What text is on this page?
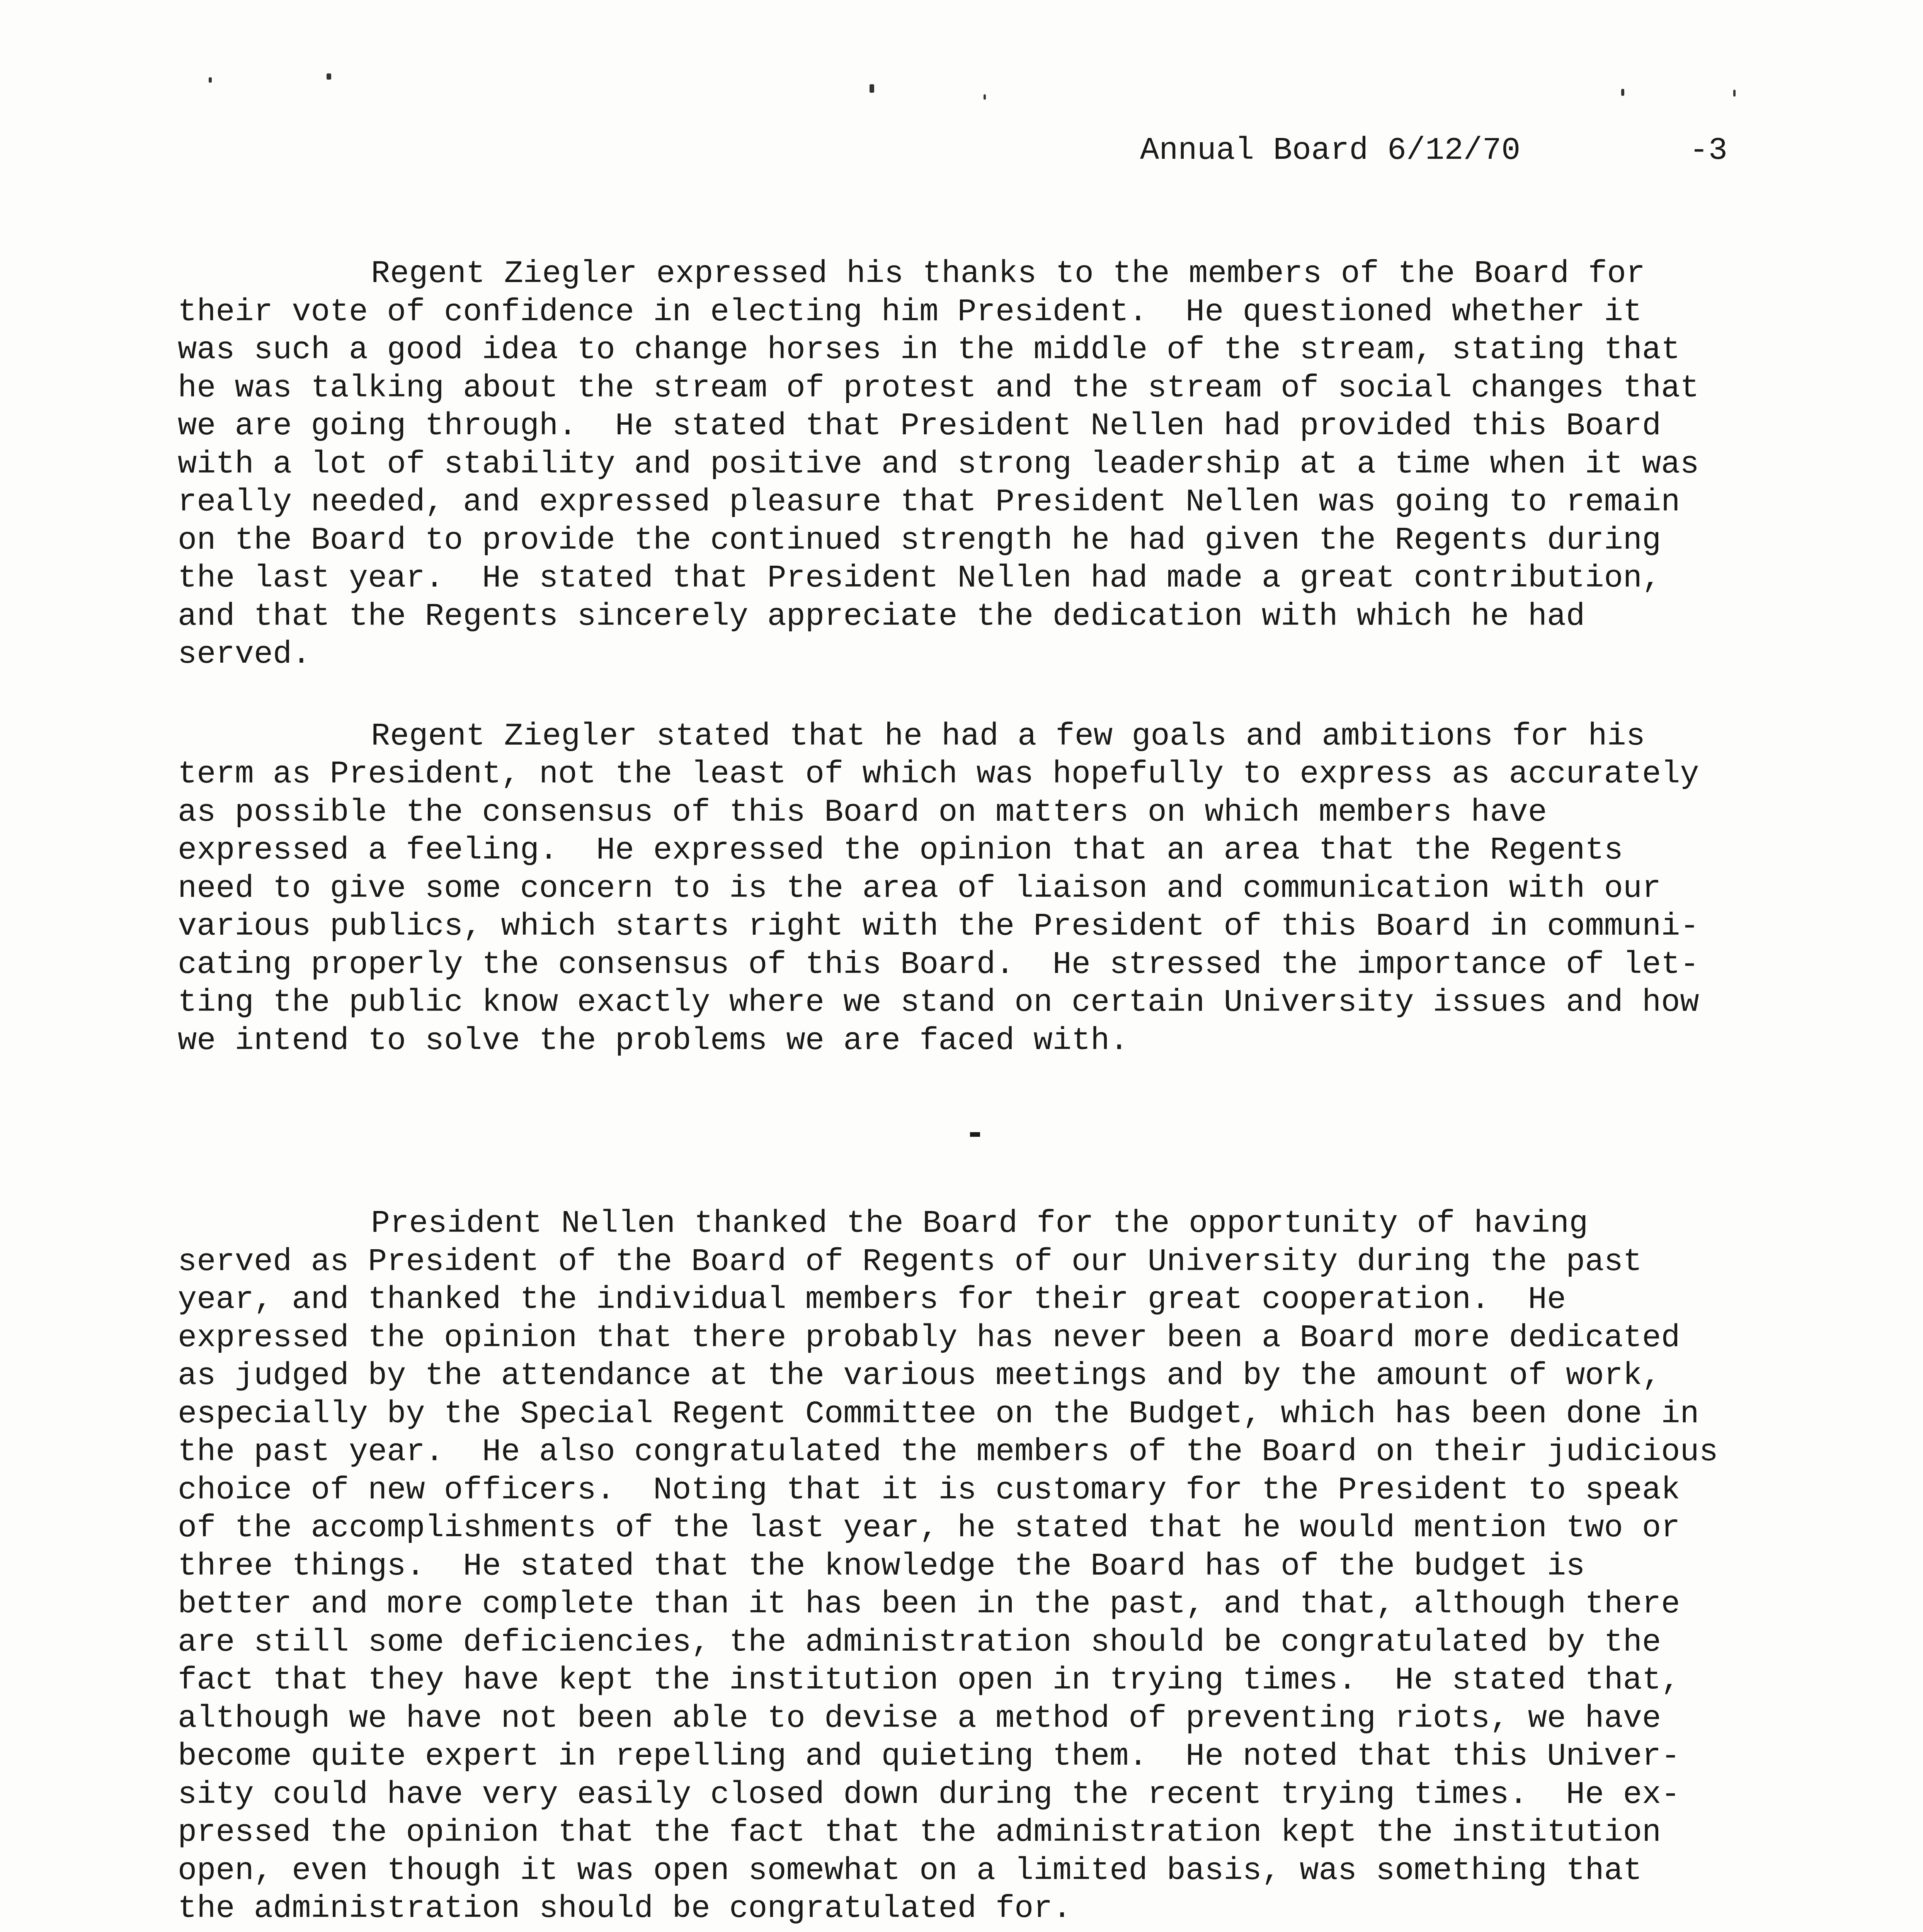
Annual Board 6/12/70

	-3

Regent Ziegler expressed his thanks to the members of the Board for
their vote of confidence in electing him President.  He questioned whether it
was such a good idea to change horses in the middle of the stream, stating that
he was talking about the stream of protest and the stream of social changes that
we are going through.  He stated that President Nellen had provided this Board
with a lot of stability and positive and strong leadership at a time when it was
really needed, and expressed pleasure that President Nellen was going to remain
on the Board to provide the continued strength he had given the Regents during
the last year.  He stated that President Nellen had made a great contribution,
and that the Regents sincerely appreciate the dedication with which he had
served.
Regent Ziegler stated that he had a few goals and ambitions for his
term as President, not the least of which was hopefully to express as accurately
as possible the consensus of this Board on matters on which members have
expressed a feeling.  He expressed the opinion that an area that the Regents
need to give some concern to is the area of liaison and communication with our
various publics, which starts right with the President of this Board in communi-
cating properly the consensus of this Board.  He stressed the importance of let-
ting the public know exactly where we stand on certain University issues and how
we intend to solve the problems we are faced with.
President Nellen thanked the Board for the opportunity of having
served as President of the Board of Regents of our University during the past
year, and thanked the individual members for their great cooperation.  He
expressed the opinion that there probably has never been a Board more dedicated
as judged by the attendance at the various meetings and by the amount of work,
especially by the Special Regent Committee on the Budget, which has been done in
the past year.  He also congratulated the members of the Board on their judicious
choice of new officers.  Noting that it is customary for the President to speak
of the accomplishments of the last year, he stated that he would mention two or
three things.  He stated that the knowledge the Board has of the budget is
better and more complete than it has been in the past, and that, although there
are still some deficiencies, the administration should be congratulated by the
fact that they have kept the institution open in trying times.  He stated that,
although we have not been able to devise a method of preventing riots, we have
become quite expert in repelling and quieting them.  He noted that this Univer-
sity could have very easily closed down during the recent trying times.  He ex-
pressed the opinion that the fact that the administration kept the institution
open, even though it was open somewhat on a limited basis, was something that
the administration should be congratulated for.
